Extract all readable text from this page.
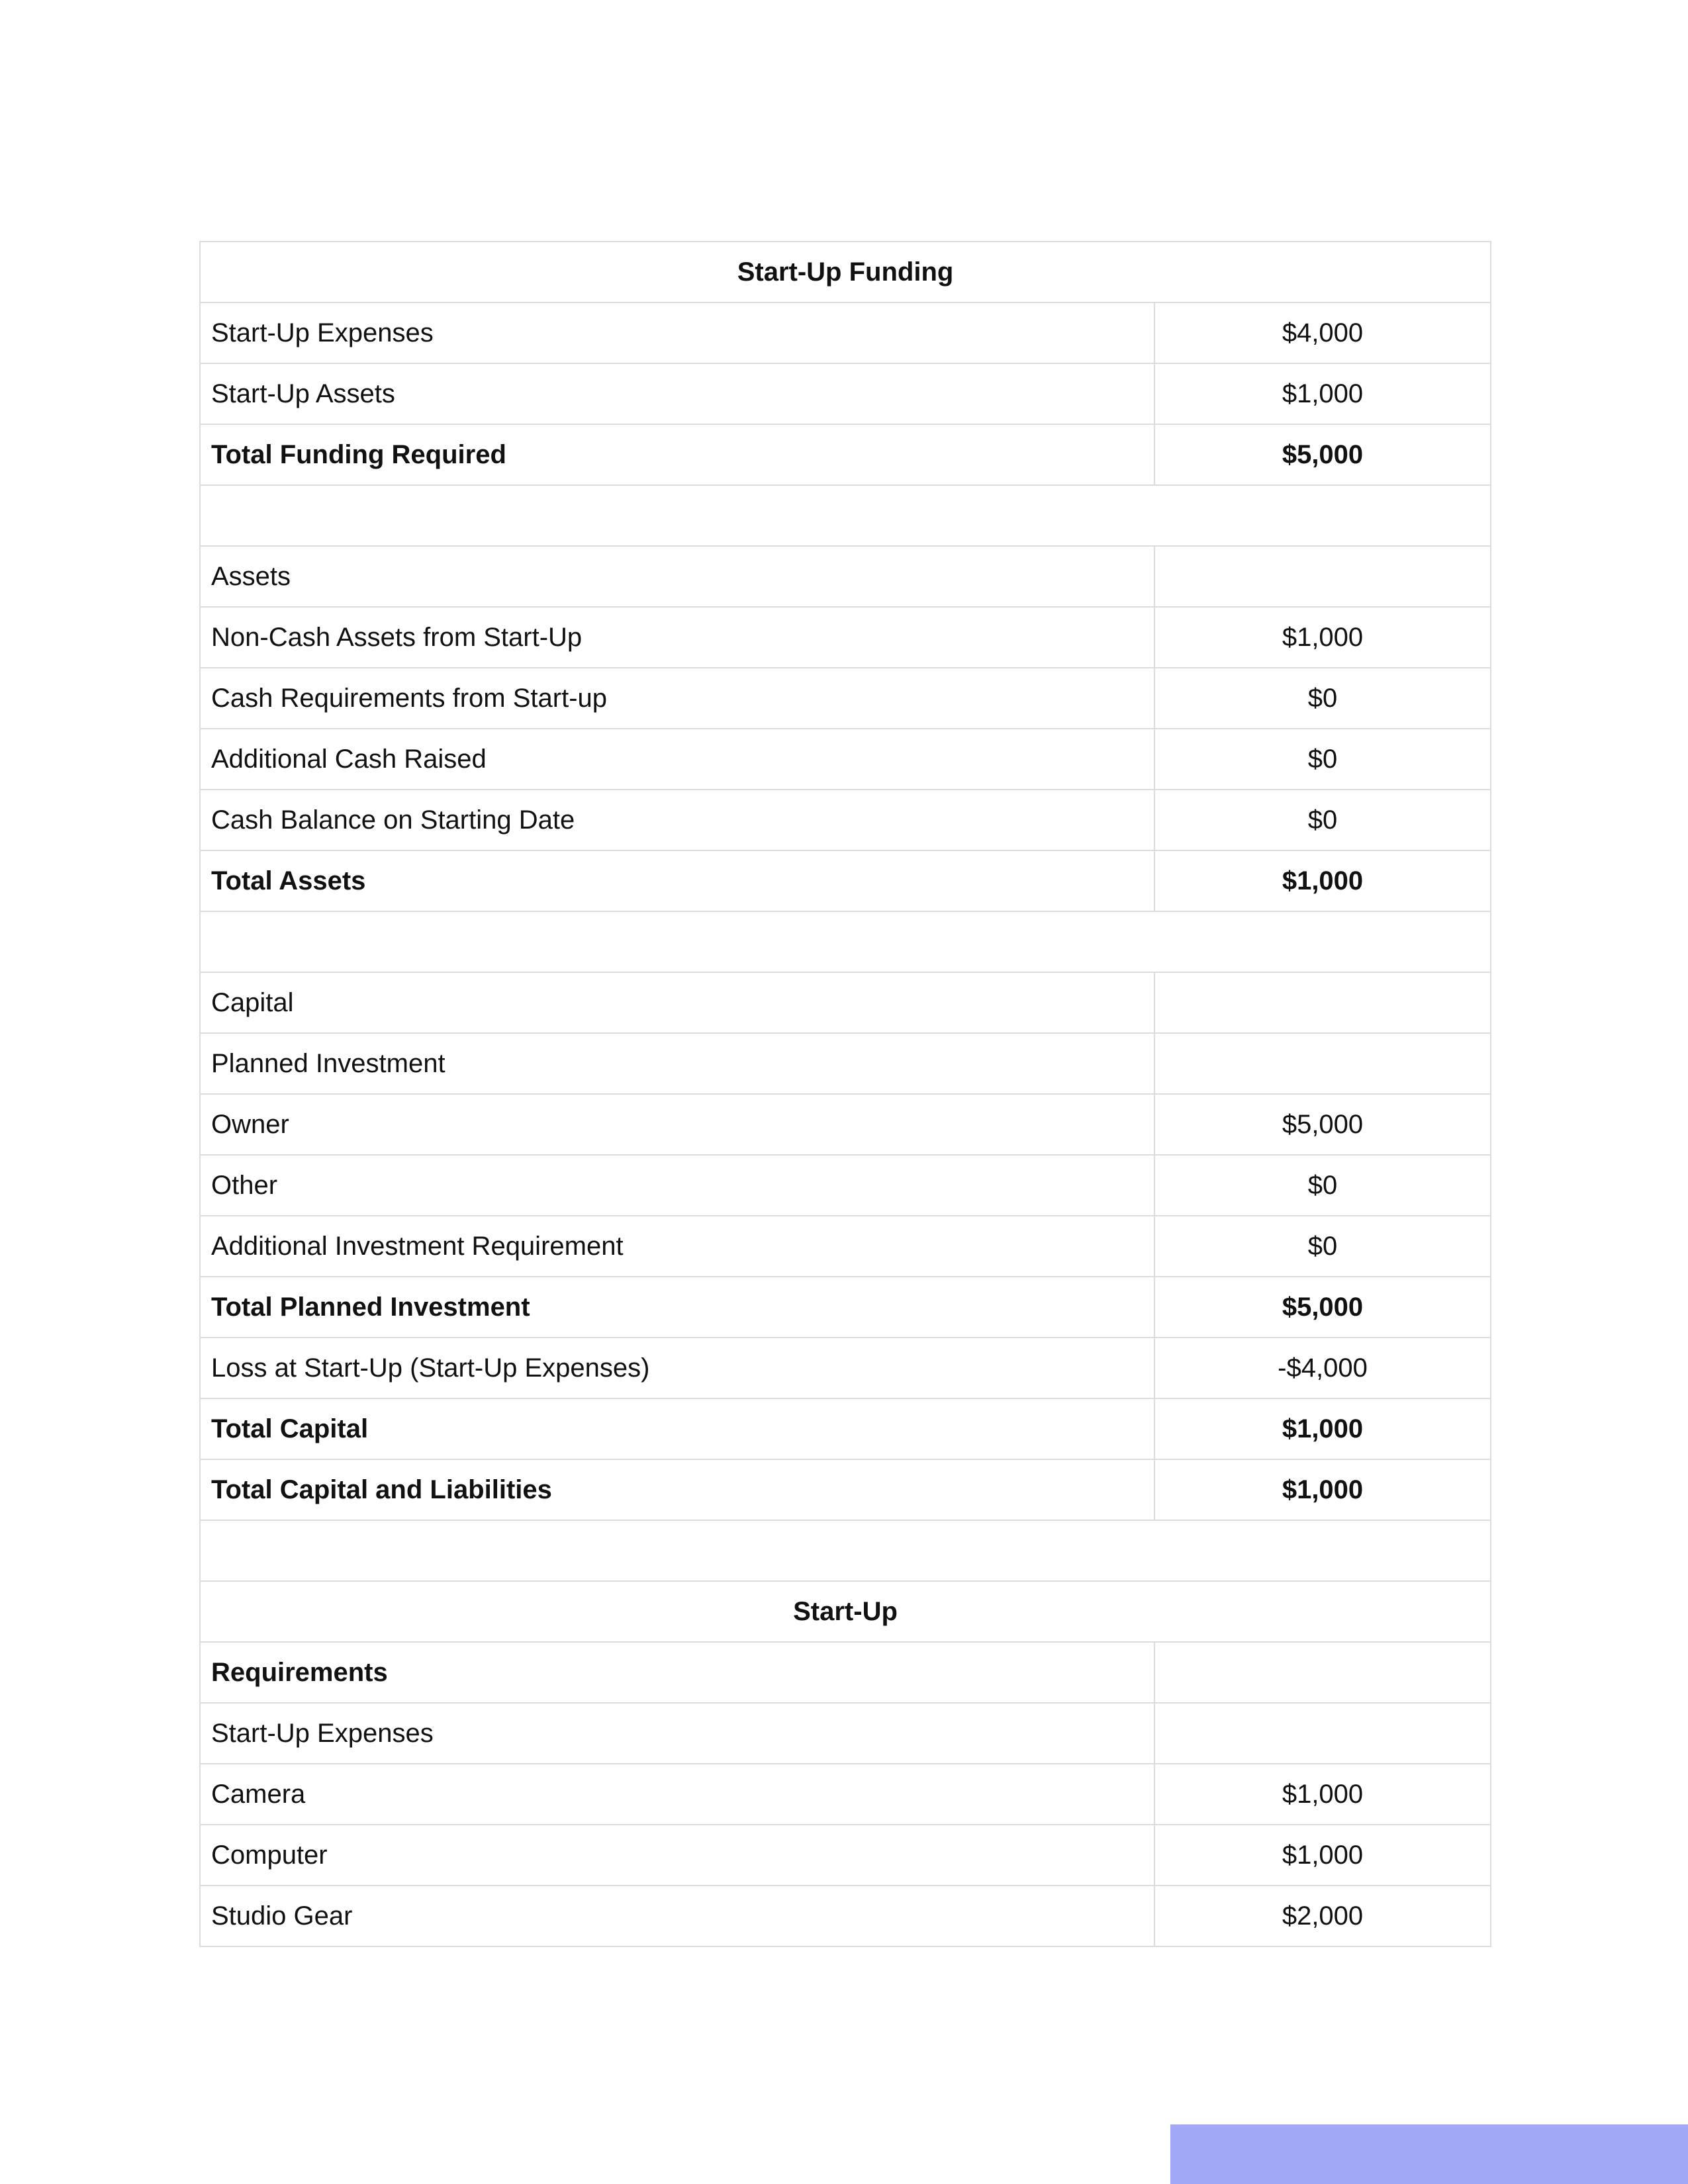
Start-Up Funding	
Start-Up Expenses	$4,000
Start-Up Assets	$1,000
Total Funding Required	$5,000

Assets	
Non-Cash Assets from Start-Up	$1,000
Cash Requirements from Start-up	$0
Additional Cash Raised	$0
Cash Balance on Starting Date	$0
Total Assets	$1,000

Capital	
Planned Investment	
Owner	$5,000
Other	$0
Additional Investment Requirement	$0
Total Planned Investment	$5,000
Loss at Start-Up (Start-Up Expenses)	-$4,000
Total Capital	$1,000
Total Capital and Liabilities	$1,000

Start-Up	
Requirements	
Start-Up Expenses	
Camera	$1,000
Computer	$1,000
Studio Gear	$2,000
